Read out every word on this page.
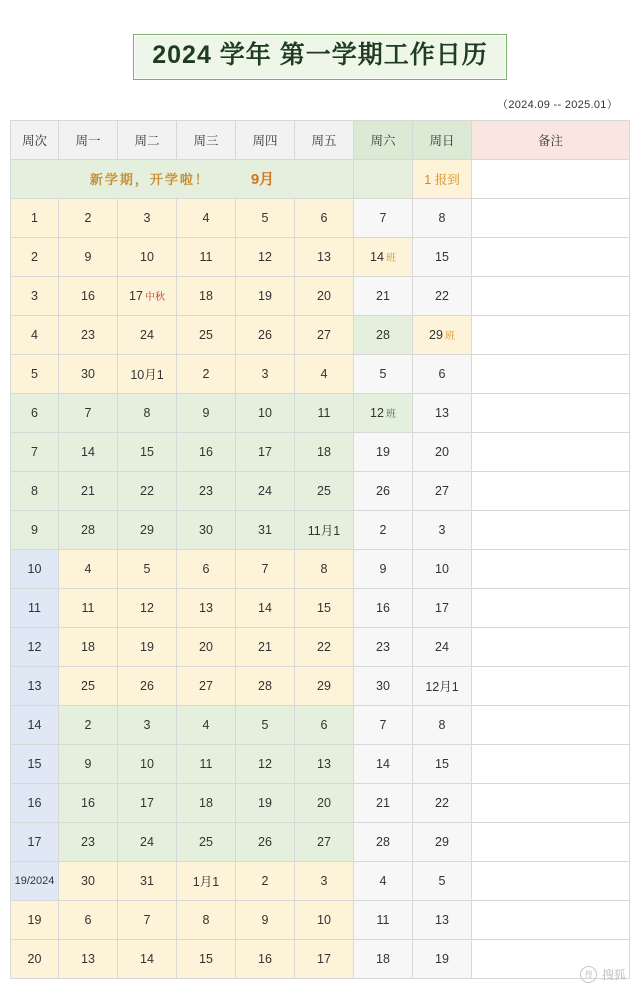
2024 学年 第一学期工作日历
（2024.09 -- 2025.01）
周次	周一	周二	周三	周四	周五	周六	周日	备注
新学期，开学啦！ 9月							1 报到	
1	2	3	4	5	6	7	8	
2	9	10	11	12	13	14 班	15	
3	16	17 中秋	18	19	20	21	22	
4	23	24	25	26	27	28	29 班	
5	30	10月1	2	3	4	5	6	
6	7	8	9	10	11	12 班	13	
7	14	15	16	17	18	19	20	
8	21	22	23	24	25	26	27	
9	28	29	30	31	11月1	2	3	
10	4	5	6	7	8	9	10	
11	11	12	13	14	15	16	17	
12	18	19	20	21	22	23	24	
13	25	26	27	28	29	30	12月1	
14	2	3	4	5	6	7	8	
15	9	10	11	12	13	14	15	
16	16	17	18	19	20	21	22	
17	23	24	25	26	27	28	29	
19/2024	30	31	1月1	2	3	4	5	
19	6	7	8	9	10	11	13	
20	13	14	15	16	17	18	19	
搜 搜狐
